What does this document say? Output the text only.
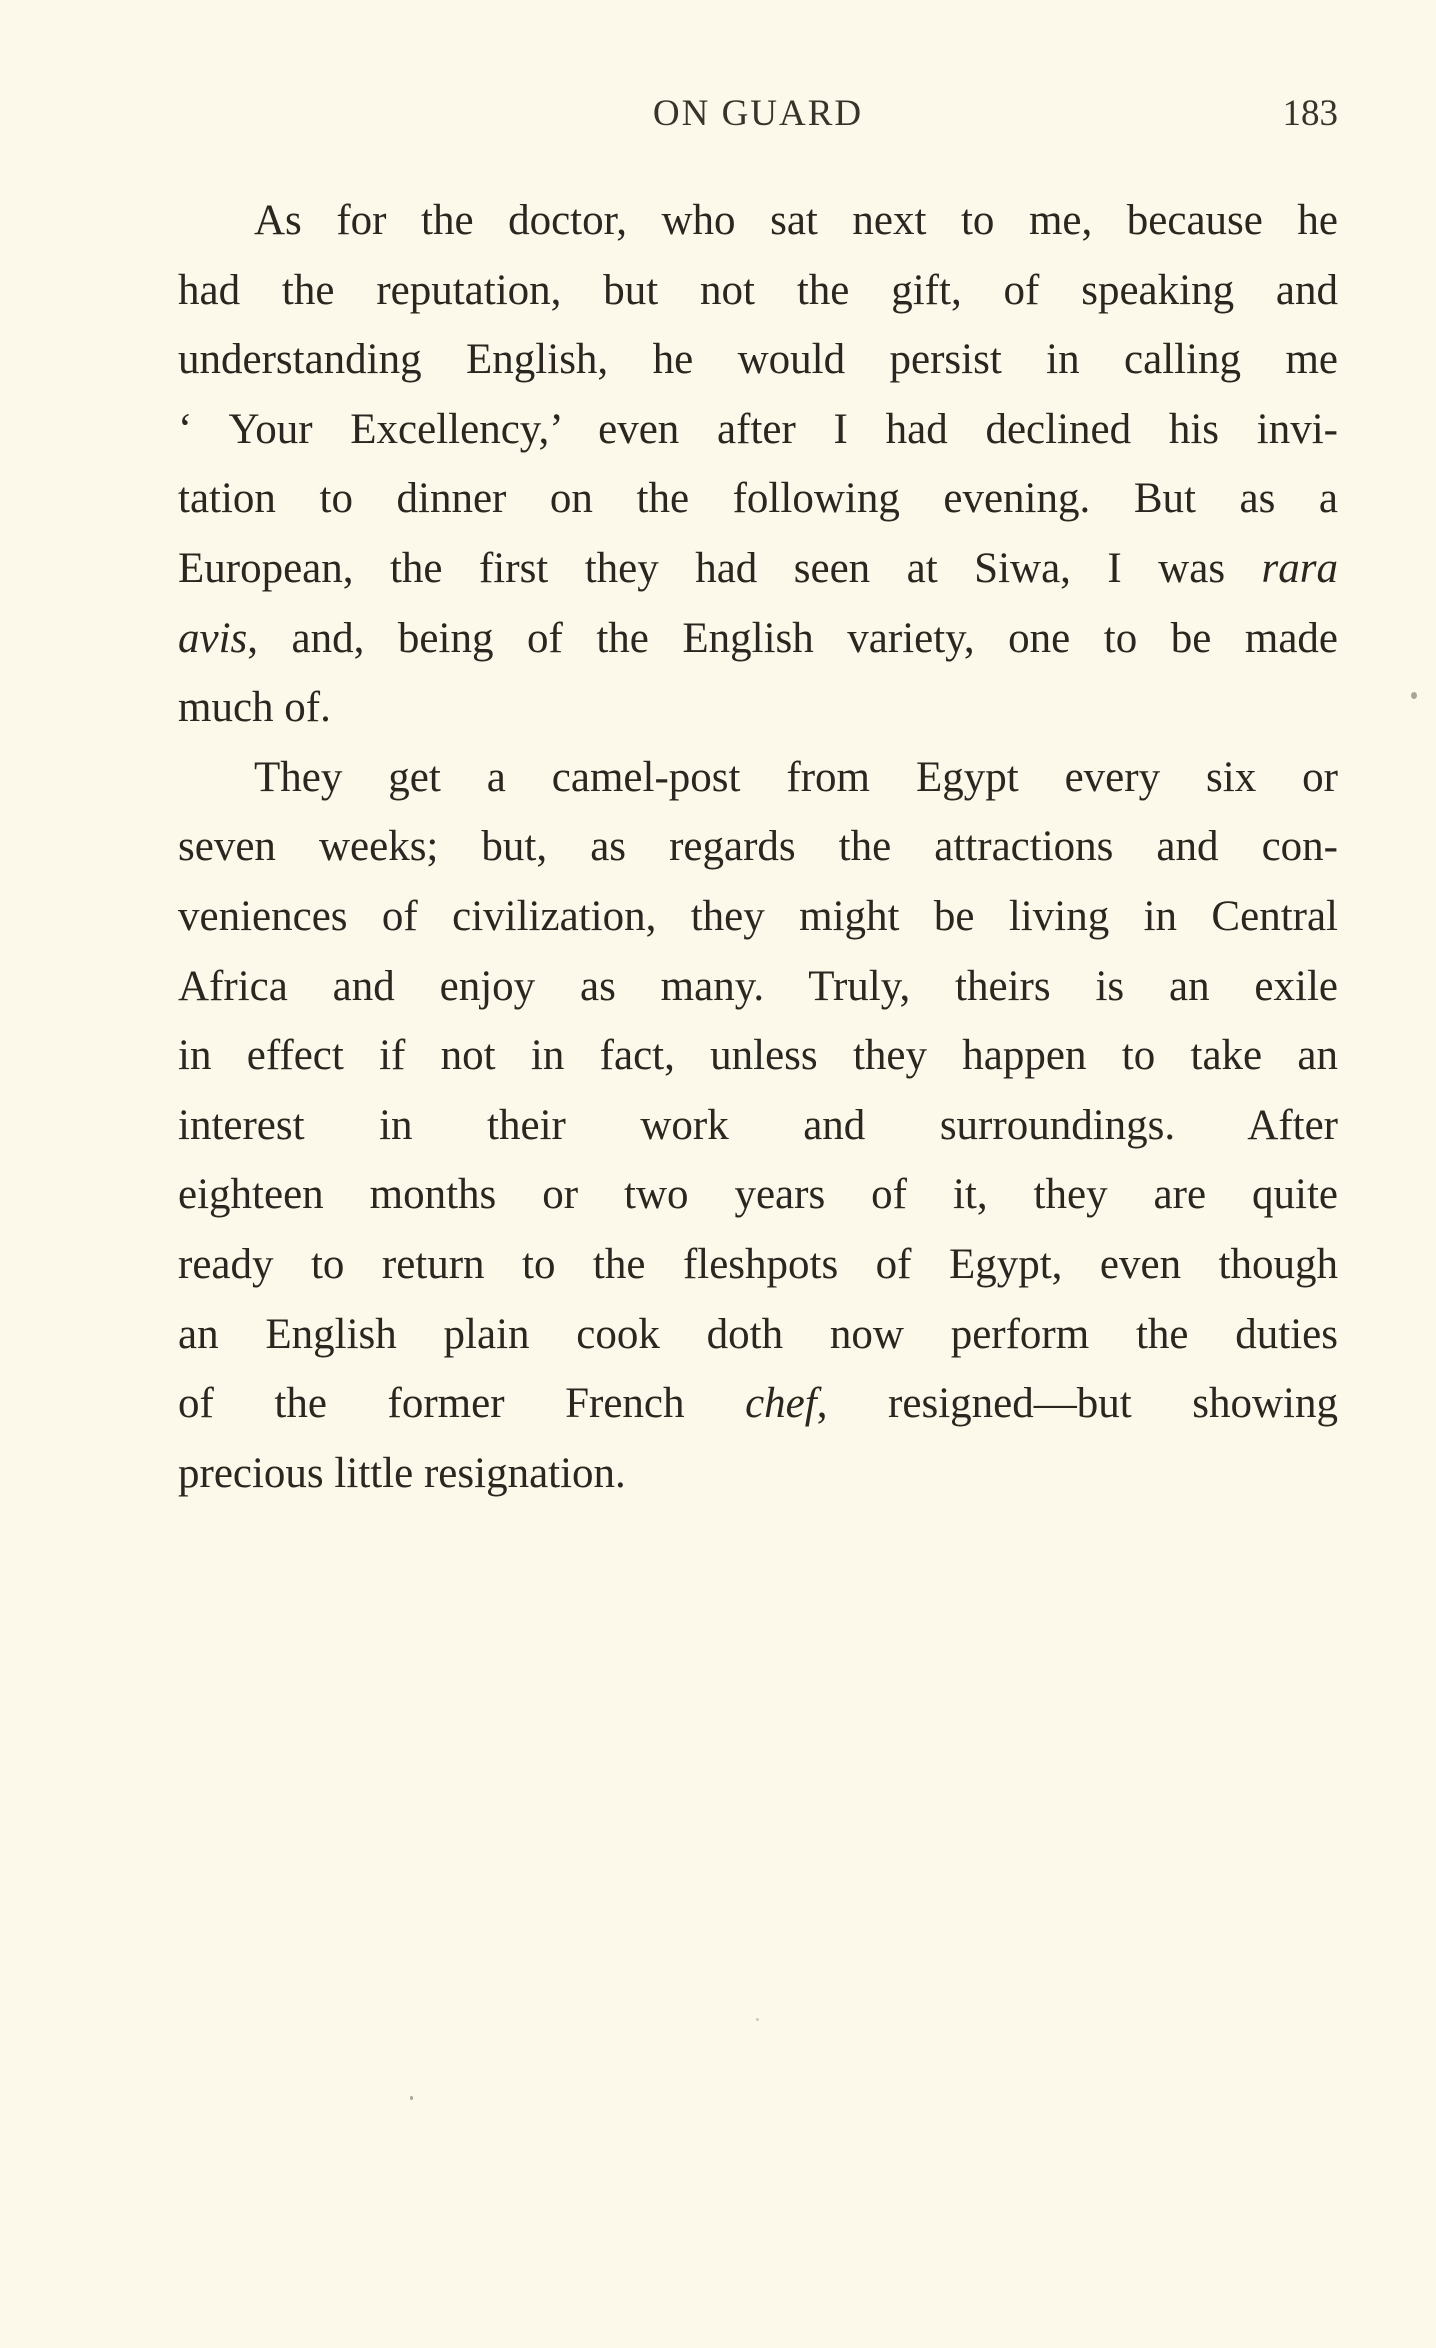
ON GUARD	183
As for the doctor, who sat next to me, because he
had the reputation, but not the gift, of speaking and
understanding English, he would persist in calling me
‘ Your Excellency,’ even after I had declined his invi-
tation to dinner on the following evening. But as a
European, the first they had seen at Siwa, I was rara
avis, and, being of the English variety, one to be made
much of.
They get a camel-post from Egypt every six or
seven weeks; but, as regards the attractions and con-
veniences of civilization, they might be living in Central
Africa and enjoy as many. Truly, theirs is an exile
in effect if not in fact, unless they happen to take an
interest in their work and surroundings. After
eighteen months or two years of it, they are quite
ready to return to the fleshpots of Egypt, even though
an English plain cook doth now perform the duties
of the former French chef, resigned—but showing
precious little resignation.
